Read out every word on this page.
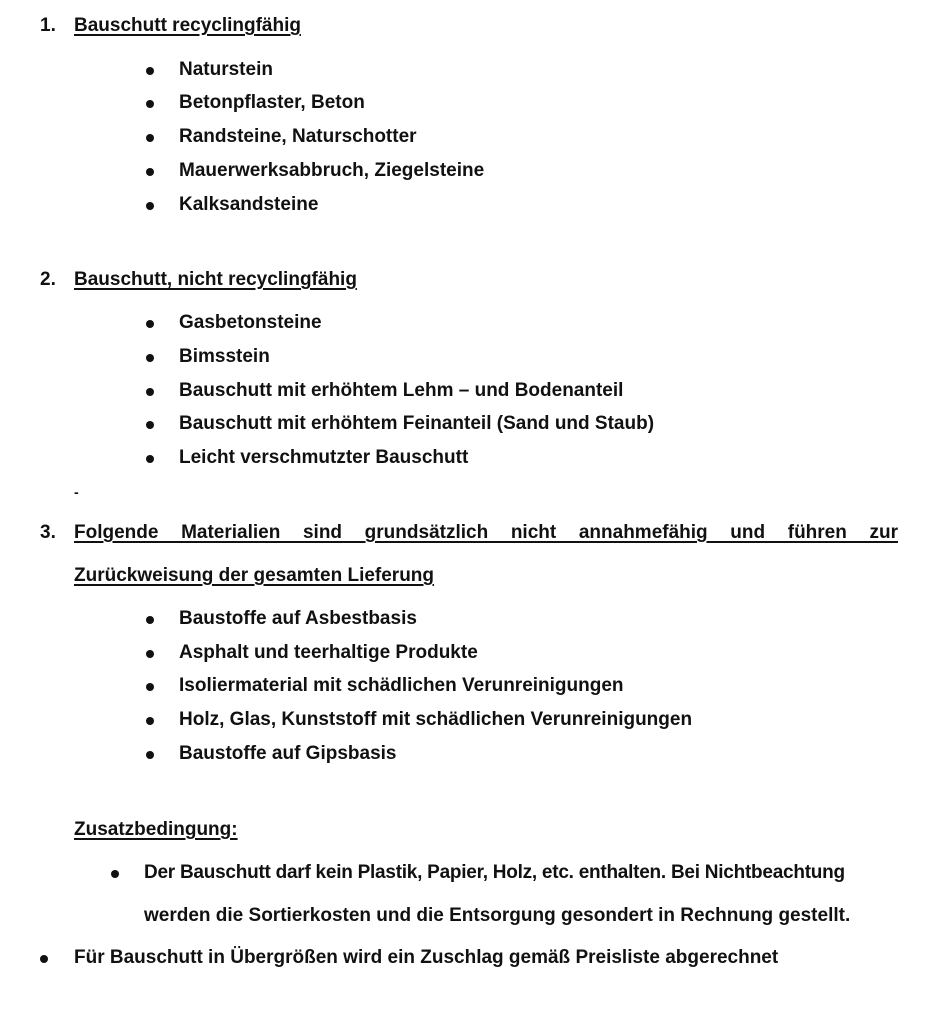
1. Bauschutt recyclingfähig
Naturstein
Betonpflaster, Beton
Randsteine, Naturschotter
Mauerwerksabbruch, Ziegelsteine
Kalksandsteine
2. Bauschutt, nicht recyclingfähig
Gasbetonsteine
Bimsstein
Bauschutt mit erhöhtem Lehm – und Bodenanteil
Bauschutt mit erhöhtem Feinanteil (Sand und Staub)
Leicht verschmutzter Bauschutt
-
3. Folgende Materialien sind grundsätzlich nicht annahmefähig und führen zur
Zurückweisung der gesamten Lieferung
Baustoffe auf Asbestbasis
Asphalt und teerhaltige Produkte
Isoliermaterial mit schädlichen Verunreinigungen
Holz, Glas, Kunststoff mit schädlichen Verunreinigungen
Baustoffe auf Gipsbasis
Zusatzbedingung:
Der Bauschutt darf kein Plastik, Papier, Holz, etc. enthalten. Bei Nichtbeachtung
werden die Sortierkosten und die Entsorgung gesondert in Rechnung gestellt.
Für Bauschutt in Übergrößen wird ein Zuschlag gemäß Preisliste abgerechnet
